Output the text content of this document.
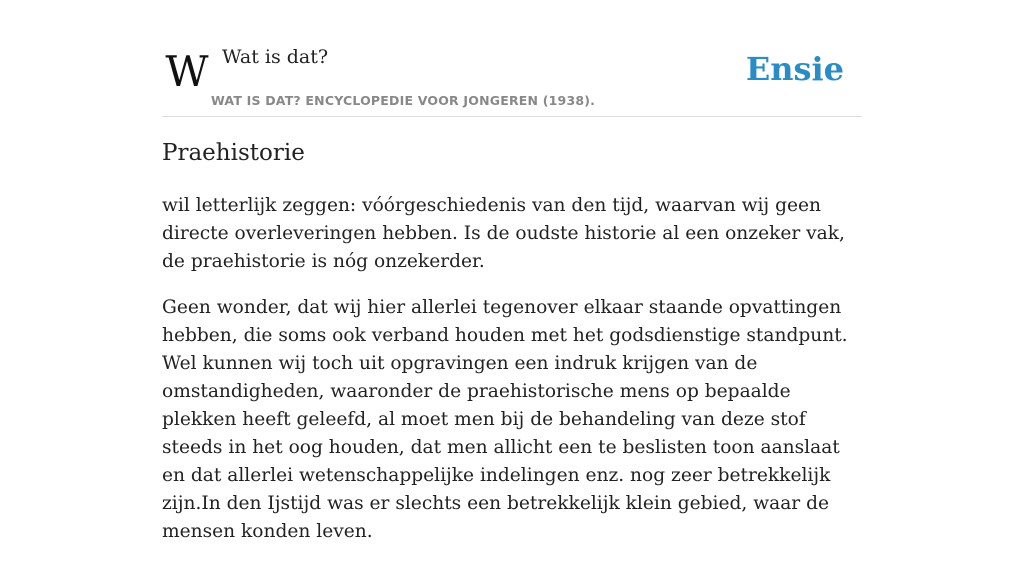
W Wat is dat?
WAT IS DAT? ENCYCLOPEDIE VOOR JONGEREN (1938).
Ensie
Praehistorie

wil letterlijk zeggen: vóórgeschiedenis van den tijd, waarvan wij geen directe overleveringen hebben. Is de oudste historie al een onzeker vak, de praehistorie is nóg onzekerder.

Geen wonder, dat wij hier allerlei tegenover elkaar staande opvattingen hebben, die soms ook verband houden met het godsdienstige standpunt. Wel kunnen wij toch uit opgravingen een indruk krijgen van de omstandigheden, waaronder de praehistorische mens op bepaalde plekken heeft geleefd, al moet men bij de behandeling van deze stof steeds in het oog houden, dat men allicht een te beslisten toon aanslaat en dat allerlei wetenschappelijke indelingen enz. nog zeer betrekkelijk zijn.In den Ijstijd was er slechts een betrekkelijk klein gebied, waar de mensen konden leven.
